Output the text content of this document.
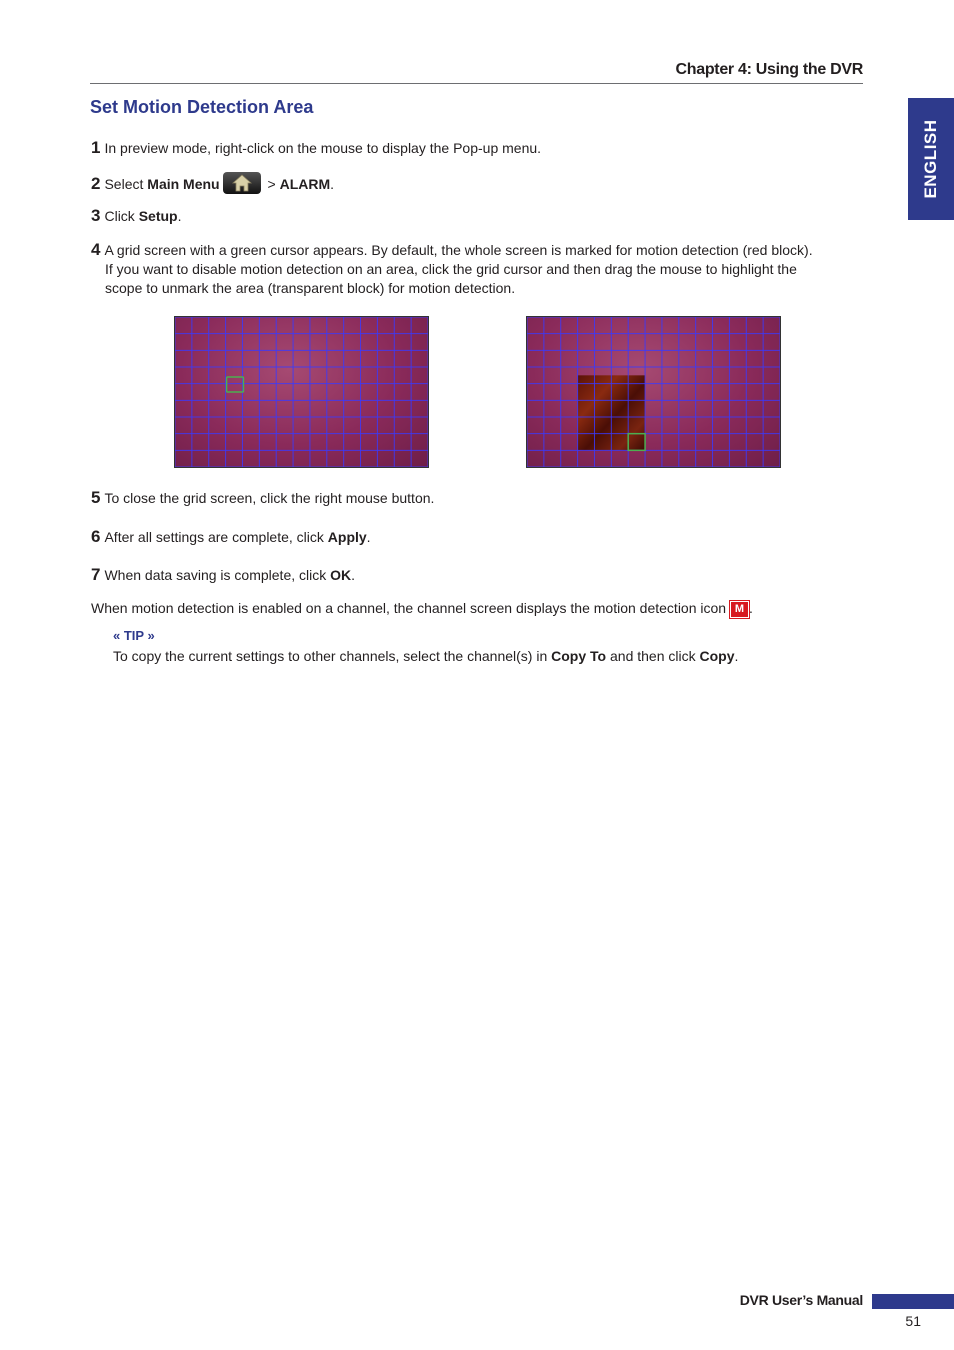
Chapter 4: Using the DVR
ENGLISH
Set Motion Detection Area
1 In preview mode, right-click on the mouse to display the Pop-up menu.
2 Select Main Menu	> ALARM.
3 Click Setup.
4 A grid screen with a green cursor appears. By default, the whole screen is marked for motion detection (red block).
If you want to disable motion detection on an area, click the grid cursor and then drag the mouse to highlight the
scope to unmark the area (transparent block) for motion detection.
5 To close the grid screen, click the right mouse button.
6 After all settings are complete, click Apply.
7 When data saving is complete, click OK.
When motion detection is enabled on a channel, the channel screen displays the motion detection icon M .
« TIP »
To copy the current settings to other channels, select the channel(s) in Copy To and then click Copy.
DVR User’s Manual
51
